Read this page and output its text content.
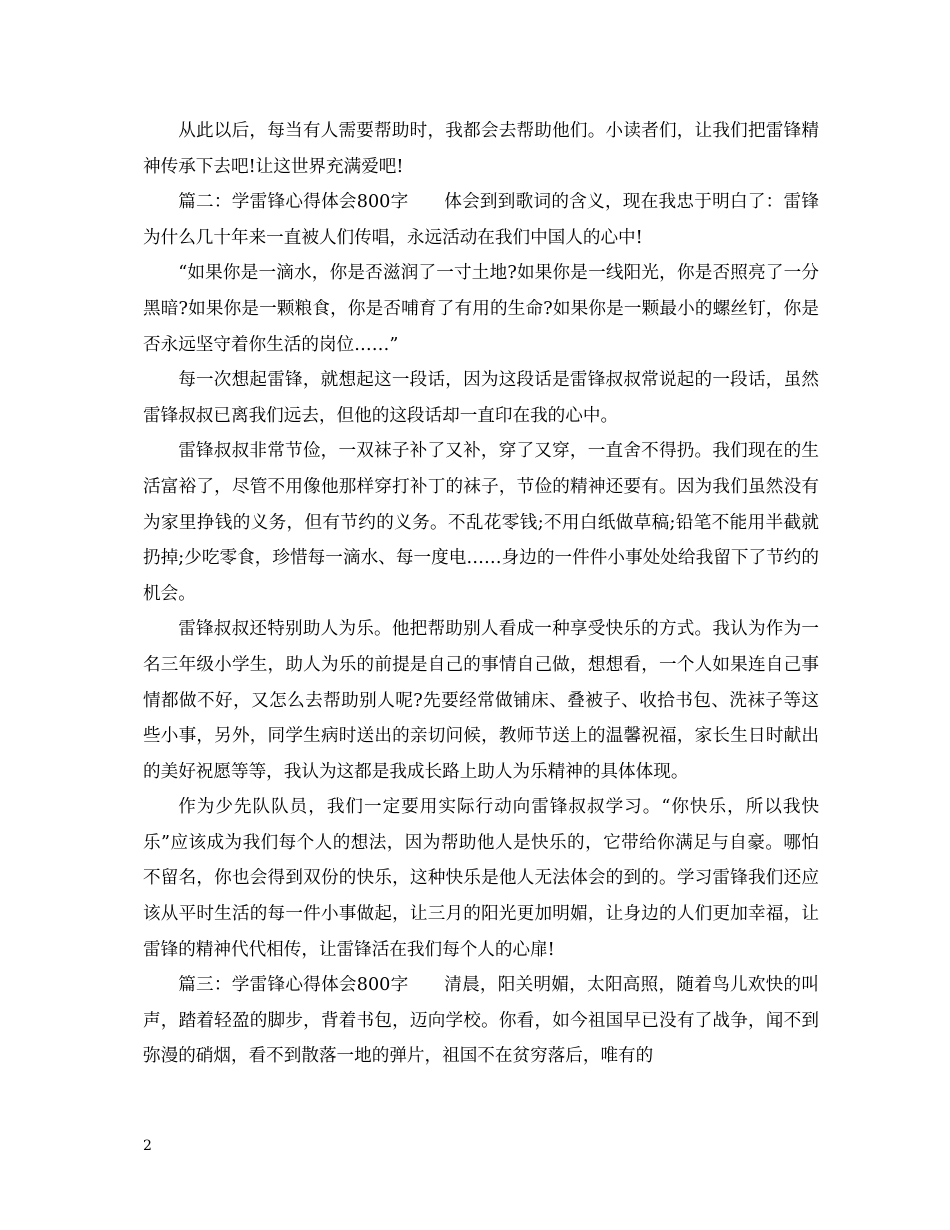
从此以后，每当有人需要帮助时，我都会去帮助他们。小读者们，让我们把雷锋精神传承下去吧!让这世界充满爱吧!

篇二：学雷锋心得体会800字　　体会到到歌词的含义，现在我忠于明白了：雷锋为什么几十年来一直被人们传唱，永远活动在我们中国人的心中!

“如果你是一滴水，你是否滋润了一寸土地?如果你是一线阳光，你是否照亮了一分黑暗?如果你是一颗粮食，你是否哺育了有用的生命?如果你是一颗最小的螺丝钉，你是否永远坚守着你生活的岗位……”

每一次想起雷锋，就想起这一段话，因为这段话是雷锋叔叔常说起的一段话，虽然雷锋叔叔已离我们远去，但他的这段话却一直印在我的心中。

雷锋叔叔非常节俭，一双袜子补了又补，穿了又穿，一直舍不得扔。我们现在的生活富裕了，尽管不用像他那样穿打补丁的袜子，节俭的精神还要有。因为我们虽然没有为家里挣钱的义务，但有节约的义务。不乱花零钱;不用白纸做草稿;铅笔不能用半截就扔掉;少吃零食，珍惜每一滴水、每一度电……身边的一件件小事处处给我留下了节约的机会。

雷锋叔叔还特别助人为乐。他把帮助别人看成一种享受快乐的方式。我认为作为一名三年级小学生，助人为乐的前提是自己的事情自己做，想想看，一个人如果连自己事情都做不好，又怎么去帮助别人呢?先要经常做铺床、叠被子、收拾书包、洗袜子等这些小事，另外，同学生病时送出的亲切问候，教师节送上的温馨祝福，家长生日时献出的美好祝愿等等，我认为这都是我成长路上助人为乐精神的具体体现。

作为少先队队员，我们一定要用实际行动向雷锋叔叔学习。“你快乐，所以我快乐”应该成为我们每个人的想法，因为帮助他人是快乐的，它带给你满足与自豪。哪怕不留名，你也会得到双份的快乐，这种快乐是他人无法体会的到的。学习雷锋我们还应该从平时生活的每一件小事做起，让三月的阳光更加明媚，让身边的人们更加幸福，让雷锋的精神代代相传，让雷锋活在我们每个人的心扉!

篇三：学雷锋心得体会800字　　清晨，阳关明媚，太阳高照，随着鸟儿欢快的叫声，踏着轻盈的脚步，背着书包，迈向学校。你看，如今祖国早已没有了战争，闻不到弥漫的硝烟，看不到散落一地的弹片，祖国不在贫穷落后，唯有的

2
